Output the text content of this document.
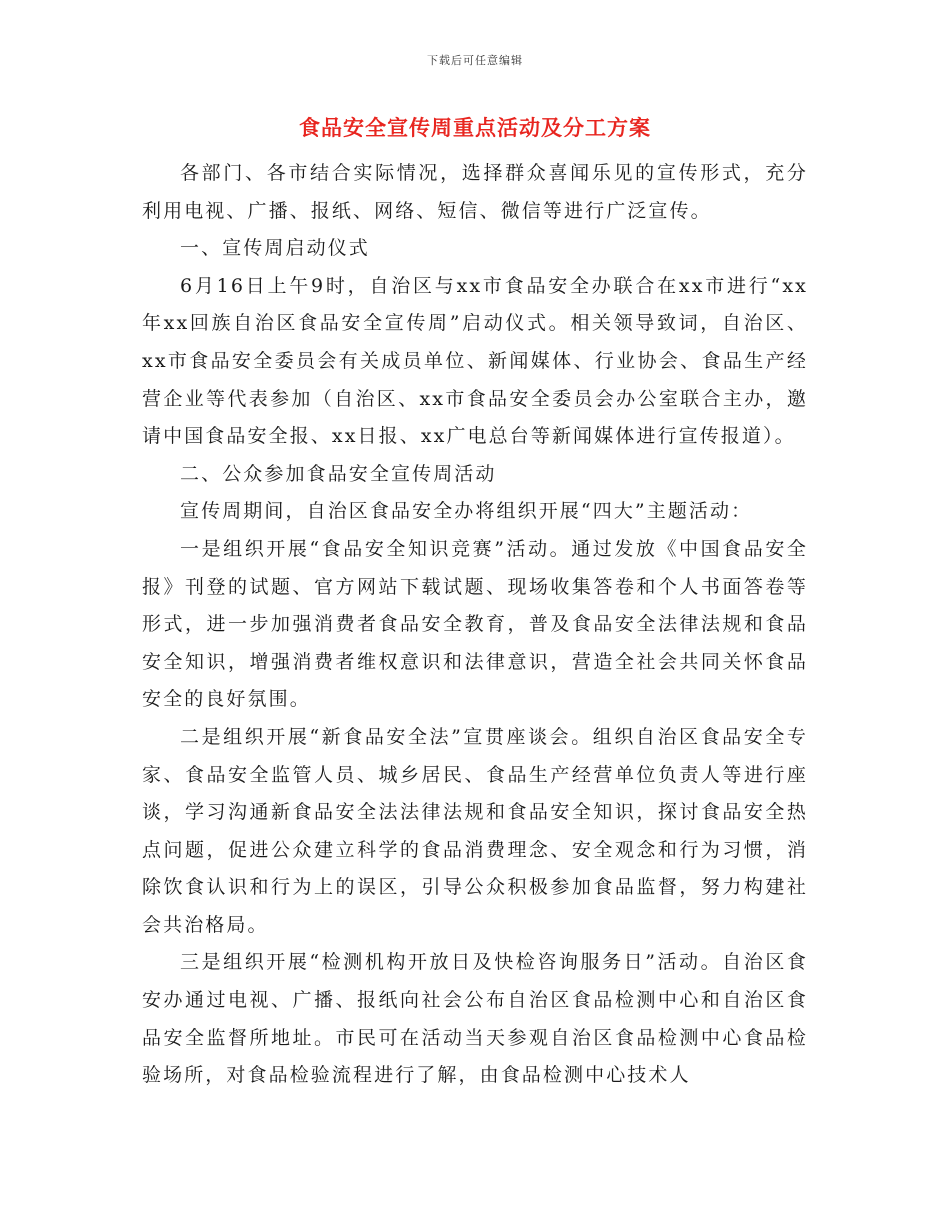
下载后可任意编辑
食品安全宣传周重点活动及分工方案

各部门、各市结合实际情况，选择群众喜闻乐见的宣传形式，充分利用电视、广播、报纸、网络、短信、微信等进行广泛宣传。

一、宣传周启动仪式

6月16日上午9时，自治区与xx市食品安全办联合在xx市进行“xx年xx回族自治区食品安全宣传周”启动仪式。相关领导致词，自治区、xx市食品安全委员会有关成员单位、新闻媒体、行业协会、食品生产经营企业等代表参加（自治区、xx市食品安全委员会办公室联合主办，邀请中国食品安全报、xx日报、xx广电总台等新闻媒体进行宣传报道）。

二、公众参加食品安全宣传周活动

宣传周期间，自治区食品安全办将组织开展“四大”主题活动：

一是组织开展“食品安全知识竞赛”活动。通过发放《中国食品安全报》刊登的试题、官方网站下载试题、现场收集答卷和个人书面答卷等形式，进一步加强消费者食品安全教育，普及食品安全法律法规和食品安全知识，增强消费者维权意识和法律意识，营造全社会共同关怀食品安全的良好氛围。

二是组织开展“新食品安全法”宣贯座谈会。组织自治区食品安全专家、食品安全监管人员、城乡居民、食品生产经营单位负责人等进行座谈，学习沟通新食品安全法法律法规和食品安全知识，探讨食品安全热点问题，促进公众建立科学的食品消费理念、安全观念和行为习惯，消除饮食认识和行为上的误区，引导公众积极参加食品监督，努力构建社会共治格局。

三是组织开展“检测机构开放日及快检咨询服务日”活动。自治区食安办通过电视、广播、报纸向社会公布自治区食品检测中心和自治区食品安全监督所地址。市民可在活动当天参观自治区食品检测中心食品检验场所，对食品检验流程进行了解，由食品检测中心技术人
